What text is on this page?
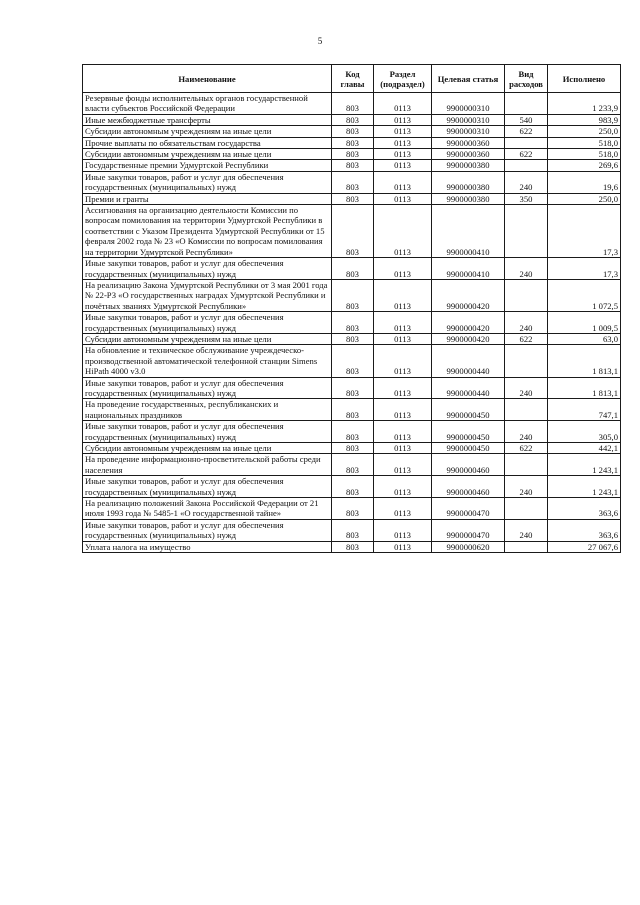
5
Наименование	Код главы	Раздел (подраздел)	Целевая статья	Вид расходов	Исполнено
Резервные фонды исполнительных органов государственной власти субъектов Российской Федерации	803	0113	9900000310		1 233,9
Иные межбюджетные трансферты	803	0113	9900000310	540	983,9
Субсидии автономным учреждениям на иные цели	803	0113	9900000310	622	250,0
Прочие выплаты по обязательствам государства	803	0113	9900000360		518,0
Субсидии автономным учреждениям на иные цели	803	0113	9900000360	622	518,0
Государственные премии Удмуртской Республики	803	0113	9900000380		269,6
Иные закупки товаров, работ и услуг для обеспечения государственных (муниципальных) нужд	803	0113	9900000380	240	19,6
Премии и гранты	803	0113	9900000380	350	250,0
Ассигнования на организацию деятельности Комиссии по вопросам помилования на территории Удмуртской Республики в соответствии с Указом Президента Удмуртской Республики от 15 февраля 2002 года № 23 «О Комиссии по вопросам помилования на территории Удмуртской Республики»	803	0113	9900000410		17,3
Иные закупки товаров, работ и услуг для обеспечения государственных (муниципальных) нужд	803	0113	9900000410	240	17,3
На реализацию Закона Удмуртской Республики от 3 мая 2001 года № 22-РЗ «О государственных наградах Удмуртской Республики и почётных званиях Удмуртской Республики»	803	0113	9900000420		1 072,5
Иные закупки товаров, работ и услуг для обеспечения государственных (муниципальных) нужд	803	0113	9900000420	240	1 009,5
Субсидии автономным учреждениям на иные цели	803	0113	9900000420	622	63,0
На обновление и техническое обслуживание учреждеческо-производственной автоматической телефонной станции Simens HiPath 4000 v3.0	803	0113	9900000440		1 813,1
Иные закупки товаров, работ и услуг для обеспечения государственных (муниципальных) нужд	803	0113	9900000440	240	1 813,1
На проведение государственных, республиканских и национальных праздников	803	0113	9900000450		747,1
Иные закупки товаров, работ и услуг для обеспечения государственных (муниципальных) нужд	803	0113	9900000450	240	305,0
Субсидии автономным учреждениям на иные цели	803	0113	9900000450	622	442,1
На проведение информационно-просветительской работы среди населения	803	0113	9900000460		1 243,1
Иные закупки товаров, работ и услуг для обеспечения государственных (муниципальных) нужд	803	0113	9900000460	240	1 243,1
На реализацию положений Закона Российской Федерации от 21 июля 1993 года № 5485-1 «О государственной тайне»	803	0113	9900000470		363,6
Иные закупки товаров, работ и услуг для обеспечения государственных (муниципальных) нужд	803	0113	9900000470	240	363,6
Уплата налога на имущество	803	0113	9900000620		27 067,6
